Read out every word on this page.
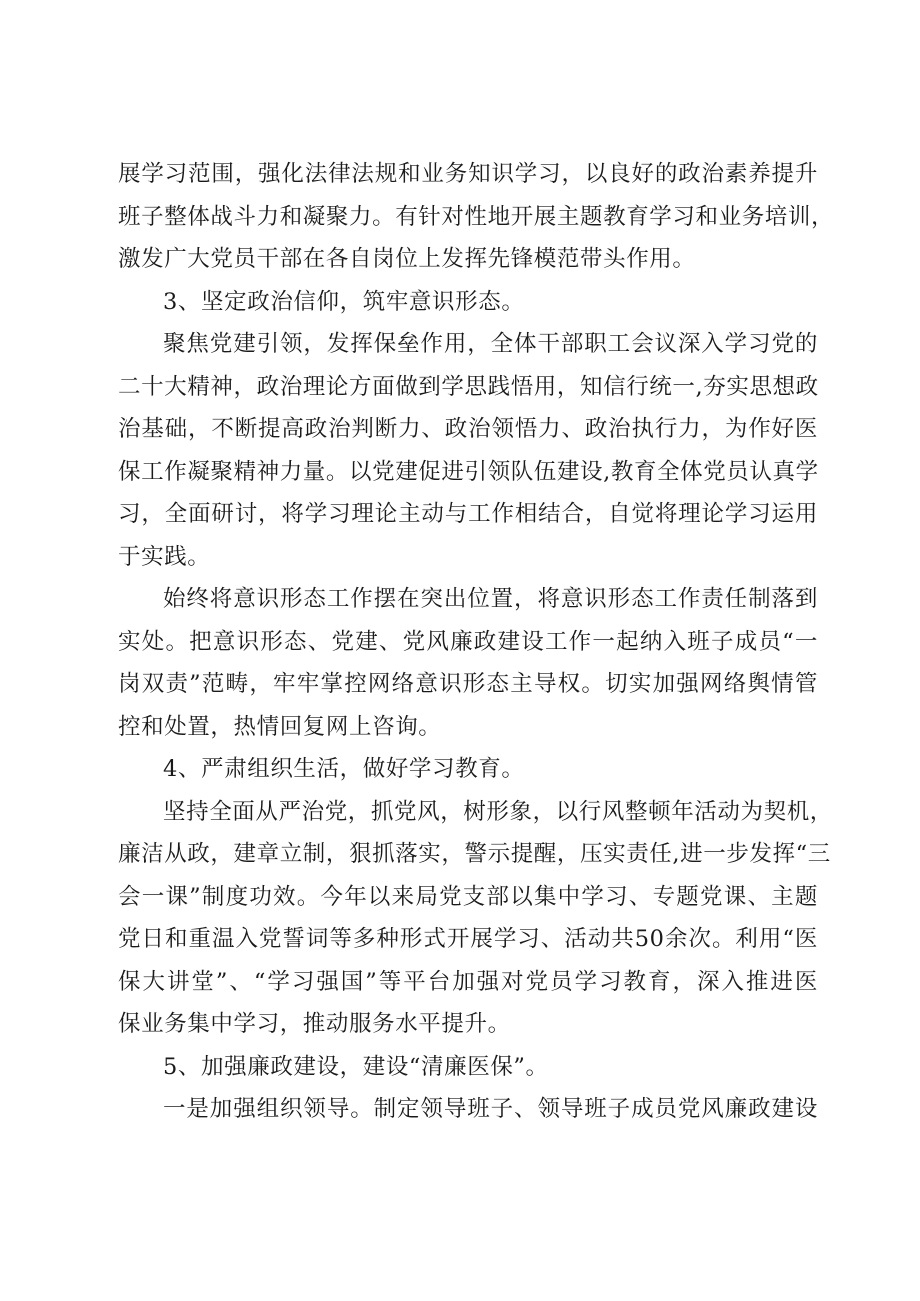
展学习范围，强化法律法规和业务知识学习，以良好的政治素养提升
班子整体战斗力和凝聚力。有针对性地开展主题教育学习和业务培训，
激发广大党员干部在各自岗位上发挥先锋模范带头作用。
3、坚定政治信仰，筑牢意识形态。
聚焦党建引领，发挥保垒作用，全体干部职工会议深入学习党的
二十大精神，政治理论方面做到学思践悟用，知信行统一,夯实思想政
治基础，不断提高政治判断力、政治领悟力、政治执行力，为作好医
保工作凝聚精神力量。以党建促进引领队伍建设,教育全体党员认真学
习，全面研讨，将学习理论主动与工作相结合，自觉将理论学习运用
于实践。
始终将意识形态工作摆在突出位置，将意识形态工作责任制落到
实处。把意识形态、党建、党风廉政建设工作一起纳入班子成员“一
岗双责”范畴，牢牢掌控网络意识形态主导权。切实加强网络舆情管
控和处置，热情回复网上咨询。
4、严肃组织生活，做好学习教育。
坚持全面从严治党，抓党风，树形象，以行风整顿年活动为契机，
廉洁从政，建章立制，狠抓落实，警示提醒，压实责任,进一步发挥“三
会一课”制度功效。今年以来局党支部以集中学习、专题党课、主题
党日和重温入党誓词等多种形式开展学习、活动共50余次。利用“医
保大讲堂”、“学习强国”等平台加强对党员学习教育，深入推进医
保业务集中学习，推动服务水平提升。
5、加强廉政建设，建设“清廉医保”。
一是加强组织领导。制定领导班子、领导班子成员党风廉政建设
